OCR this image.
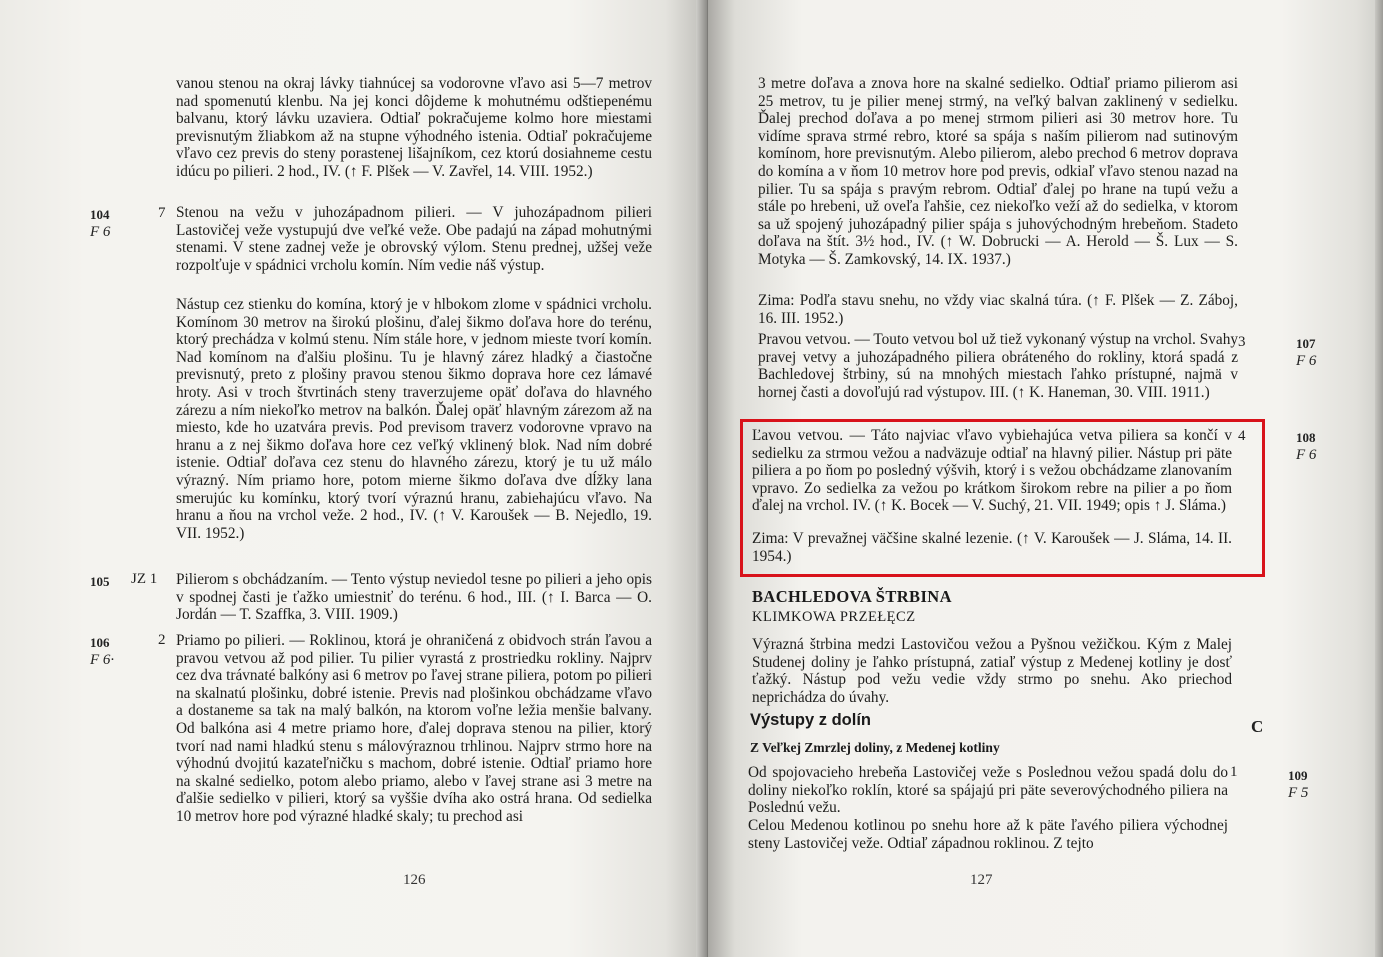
vanou stenou na okraj lávky tiahnúcej sa vodorovne vľavo asi 5—7 metrov nad spomenutú klenbu. Na jej konci dôjdeme k mohutnému odštiepenému balvanu, ktorý lávku uzaviera. Odtiaľ pokračujeme kolmo hore miestami previsnutým žliabkom až na stupne výhodného istenia. Odtiaľ pokračujeme vľavo cez previs do steny porastenej lišajníkom, cez ktorú dosiahneme cestu idúcu po pilieri. 2 hod., IV. (↑ F. Plšek — V. Zavřel, 14. VIII. 1952.)

104
F 6
7 Stenou na vežu v juhozápadnom pilieri. — V juhozápadnom pilieri Lastovičej veže vystupujú dve veľké veže. Obe padajú na západ mohutnými stenami. V stene zadnej veže je obrovský výlom. Stenu prednej, užšej veže rozpolťuje v spádnici vrcholu komín. Ním vedie náš výstup.

Nástup cez stienku do komína, ktorý je v hlbokom zlome v spádnici vrcholu. Komínom 30 metrov na širokú plošinu, ďalej šikmo doľava hore do terénu, ktorý prechádza v kolmú stenu. Ním stále hore, v jednom mieste tvorí komín. Nad komínom na ďalšiu plošinu. Tu je hlavný zárez hladký a čiastočne previsnutý, preto z plošiny pravou stenou šikmo doprava hore cez lámavé hroty. Asi v troch štvrtinách steny traverzujeme opäť doľava do hlavného zárezu a ním niekoľko metrov na balkón. Ďalej opäť hlavným zárezom až na miesto, kde ho uzatvára previs. Pod previsom traverz vodorovne vpravo na hranu a z nej šikmo doľava hore cez veľký vklinený blok. Nad ním dobré istenie. Odtiaľ doľava cez stenu do hlavného zárezu, ktorý je tu už málo výrazný. Ním priamo hore, potom mierne šikmo doľava dve dĺžky lana smerujúc ku komínku, ktorý tvorí výraznú hranu, zabiehajúcu vľavo. Na hranu a ňou na vrchol veže. 2 hod., IV. (↑ V. Karoušek — B. Nejedlo, 19. VII. 1952.)

105 JZ 1 Pilierom s obchádzaním. — Tento výstup neviedol tesne po pilieri a jeho opis v spodnej časti je ťažko umiestniť do terénu. 6 hod., III. (↑ I. Barca — O. Jordán — T. Szaffka, 3. VIII. 1909.)

106
F 6·
2 Priamo po pilieri. — Roklinou, ktorá je ohraničená z obidvoch strán ľavou a pravou vetvou až pod pilier. Tu pilier vyrastá z prostriedku rokliny. Najprv cez dva trávnaté balkóny asi 6 metrov po ľavej strane piliera, potom po pilieri na skalnatú plošinku, dobré istenie. Previs nad plošinkou obchádzame vľavo a dostaneme sa tak na malý balkón, na ktorom voľne ležia menšie balvany. Od balkóna asi 4 metre priamo hore, ďalej doprava stenou na pilier, ktorý tvorí nad nami hladkú stenu s málovýraznou trhlinou. Najprv strmo hore na výhodnú dvojitú kazateľničku s machom, dobré istenie. Odtiaľ priamo hore na skalné sedielko, potom alebo priamo, alebo v ľavej strane asi 3 metre na ďalšie sedielko v pilieri, ktorý sa vyššie dvíha ako ostrá hrana. Od sedielka 10 metrov hore pod výrazné hladké skaly; tu prechod asi

126

3 metre doľava a znova hore na skalné sedielko. Odtiaľ priamo pilierom asi 25 metrov, tu je pilier menej strmý, na veľký balvan zaklinený v sedielku. Ďalej prechod doľava a po menej strmom pilieri asi 30 metrov hore. Tu vidíme sprava strmé rebro, ktoré sa spája s naším pilierom nad sutinovým komínom, hore previsnutým. Alebo pilierom, alebo prechod 6 metrov doprava do komína a v ňom 10 metrov hore pod previs, odkiaľ vľavo stenou nazad na pilier. Tu sa spája s pravým rebrom. Odtiaľ ďalej po hrane na tupú vežu a stále po hrebeni, už oveľa ľahšie, cez niekoľko veží až do sedielka, v ktorom sa už spojený juhozápadný pilier spája s juhovýchodným hrebeňom. Stadeto doľava na štít. 3½ hod., IV. (↑ W. Dobrucki — A. Herold — Š. Lux — S. Motyka — Š. Zamkovský, 14. IX. 1937.)

Zima: Podľa stavu snehu, no vždy viac skalná túra. (↑ F. Plšek — Z. Záboj, 16. III. 1952.)

3	107
F 6

Pravou vetvou. — Touto vetvou bol už tiež vykonaný výstup na vrchol. Svahy pravej vetvy a juhozápadného piliera obráteného do rokliny, ktorá spadá z Bachledovej štrbiny, sú na mnohých miestach ľahko prístupné, najmä v hornej časti a dovoľujú rad výstupov. III. (↑ K. Haneman, 30. VIII. 1911.)

4	108
F 6

Ľavou vetvou. — Táto najviac vľavo vybiehajúca vetva piliera sa končí v sedielku za strmou vežou a nadväzuje odtiaľ na hlavný pilier. Nástup pri päte piliera a po ňom po posledný výšvih, ktorý i s vežou obchádzame zlanovaním vpravo. Zo sedielka za vežou po krátkom širokom rebre na pilier a po ňom ďalej na vrchol. IV. (↑ K. Bocek — V. Suchý, 21. VII. 1949; opis ↑ J. Sláma.)

Zima: V prevažnej väčšine skalné lezenie. (↑ V. Karoušek — J. Sláma, 14. II. 1954.)

BACHLEDOVA ŠTRBINA
KLIMKOWA PRZEŁĘCZ

Výrazná štrbina medzi Lastovičou vežou a Pyšnou vežičkou. Kým z Malej Studenej doliny je ľahko prístupná, zatiaľ výstup z Medenej kotliny je dosť ťažký. Nástup pod vežu vedie vždy strmo po snehu. Ako priechod neprichádza do úvahy.

Výstupy z dolín	C
Z Veľkej Zmrzlej doliny, z Medenej kotliny
1	109
F 5

Od spojovacieho hrebeňa Lastovičej veže s Poslednou vežou spadá dolu do doliny niekoľko roklín, ktoré sa spájajú pri päte severovýchodného piliera na Poslednú vežu.

Celou Medenou kotlinou po snehu hore až k päte ľavého piliera východnej steny Lastovičej veže. Odtiaľ západnou roklinou. Z tejto

127
